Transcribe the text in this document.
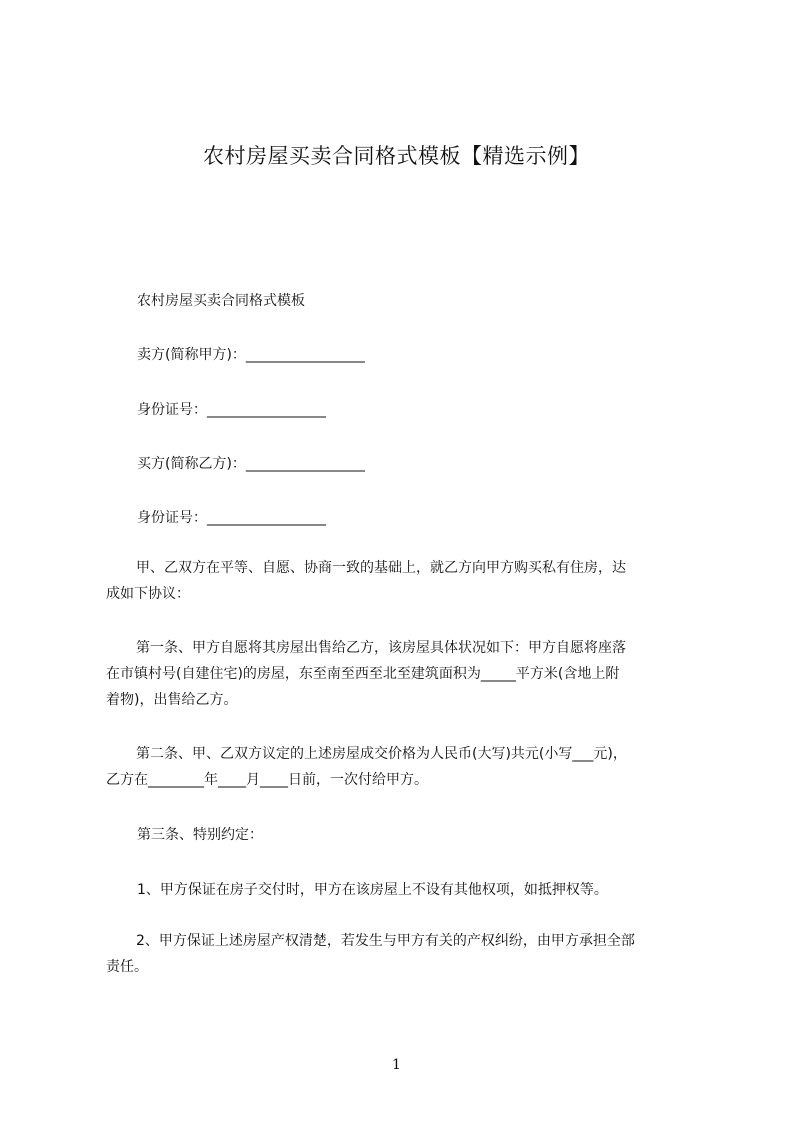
农村房屋买卖合同格式模板【精选示例】
农村房屋买卖合同格式模板
卖方(简称甲方)：_________________
身份证号：_________________
买方(简称乙方)：_________________
身份证号：_________________
甲、乙双方在平等、自愿、协商一致的基础上，就乙方向甲方购买私有住房，达
成如下协议：
第一条、甲方自愿将其房屋出售给乙方，该房屋具体状况如下：甲方自愿将座落
在市镇村号(自建住宅)的房屋，东至南至西至北至建筑面积为_____平方米(含地上附
着物)，出售给乙方。
第二条、甲、乙双方议定的上述房屋成交价格为人民币(大写)共元(小写___元)，
乙方在________年____月____日前，一次付给甲方。
第三条、特别约定：
1、甲方保证在房子交付时，甲方在该房屋上不设有其他权项，如抵押权等。
2、甲方保证上述房屋产权清楚，若发生与甲方有关的产权纠纷，由甲方承担全部
责任。
1
